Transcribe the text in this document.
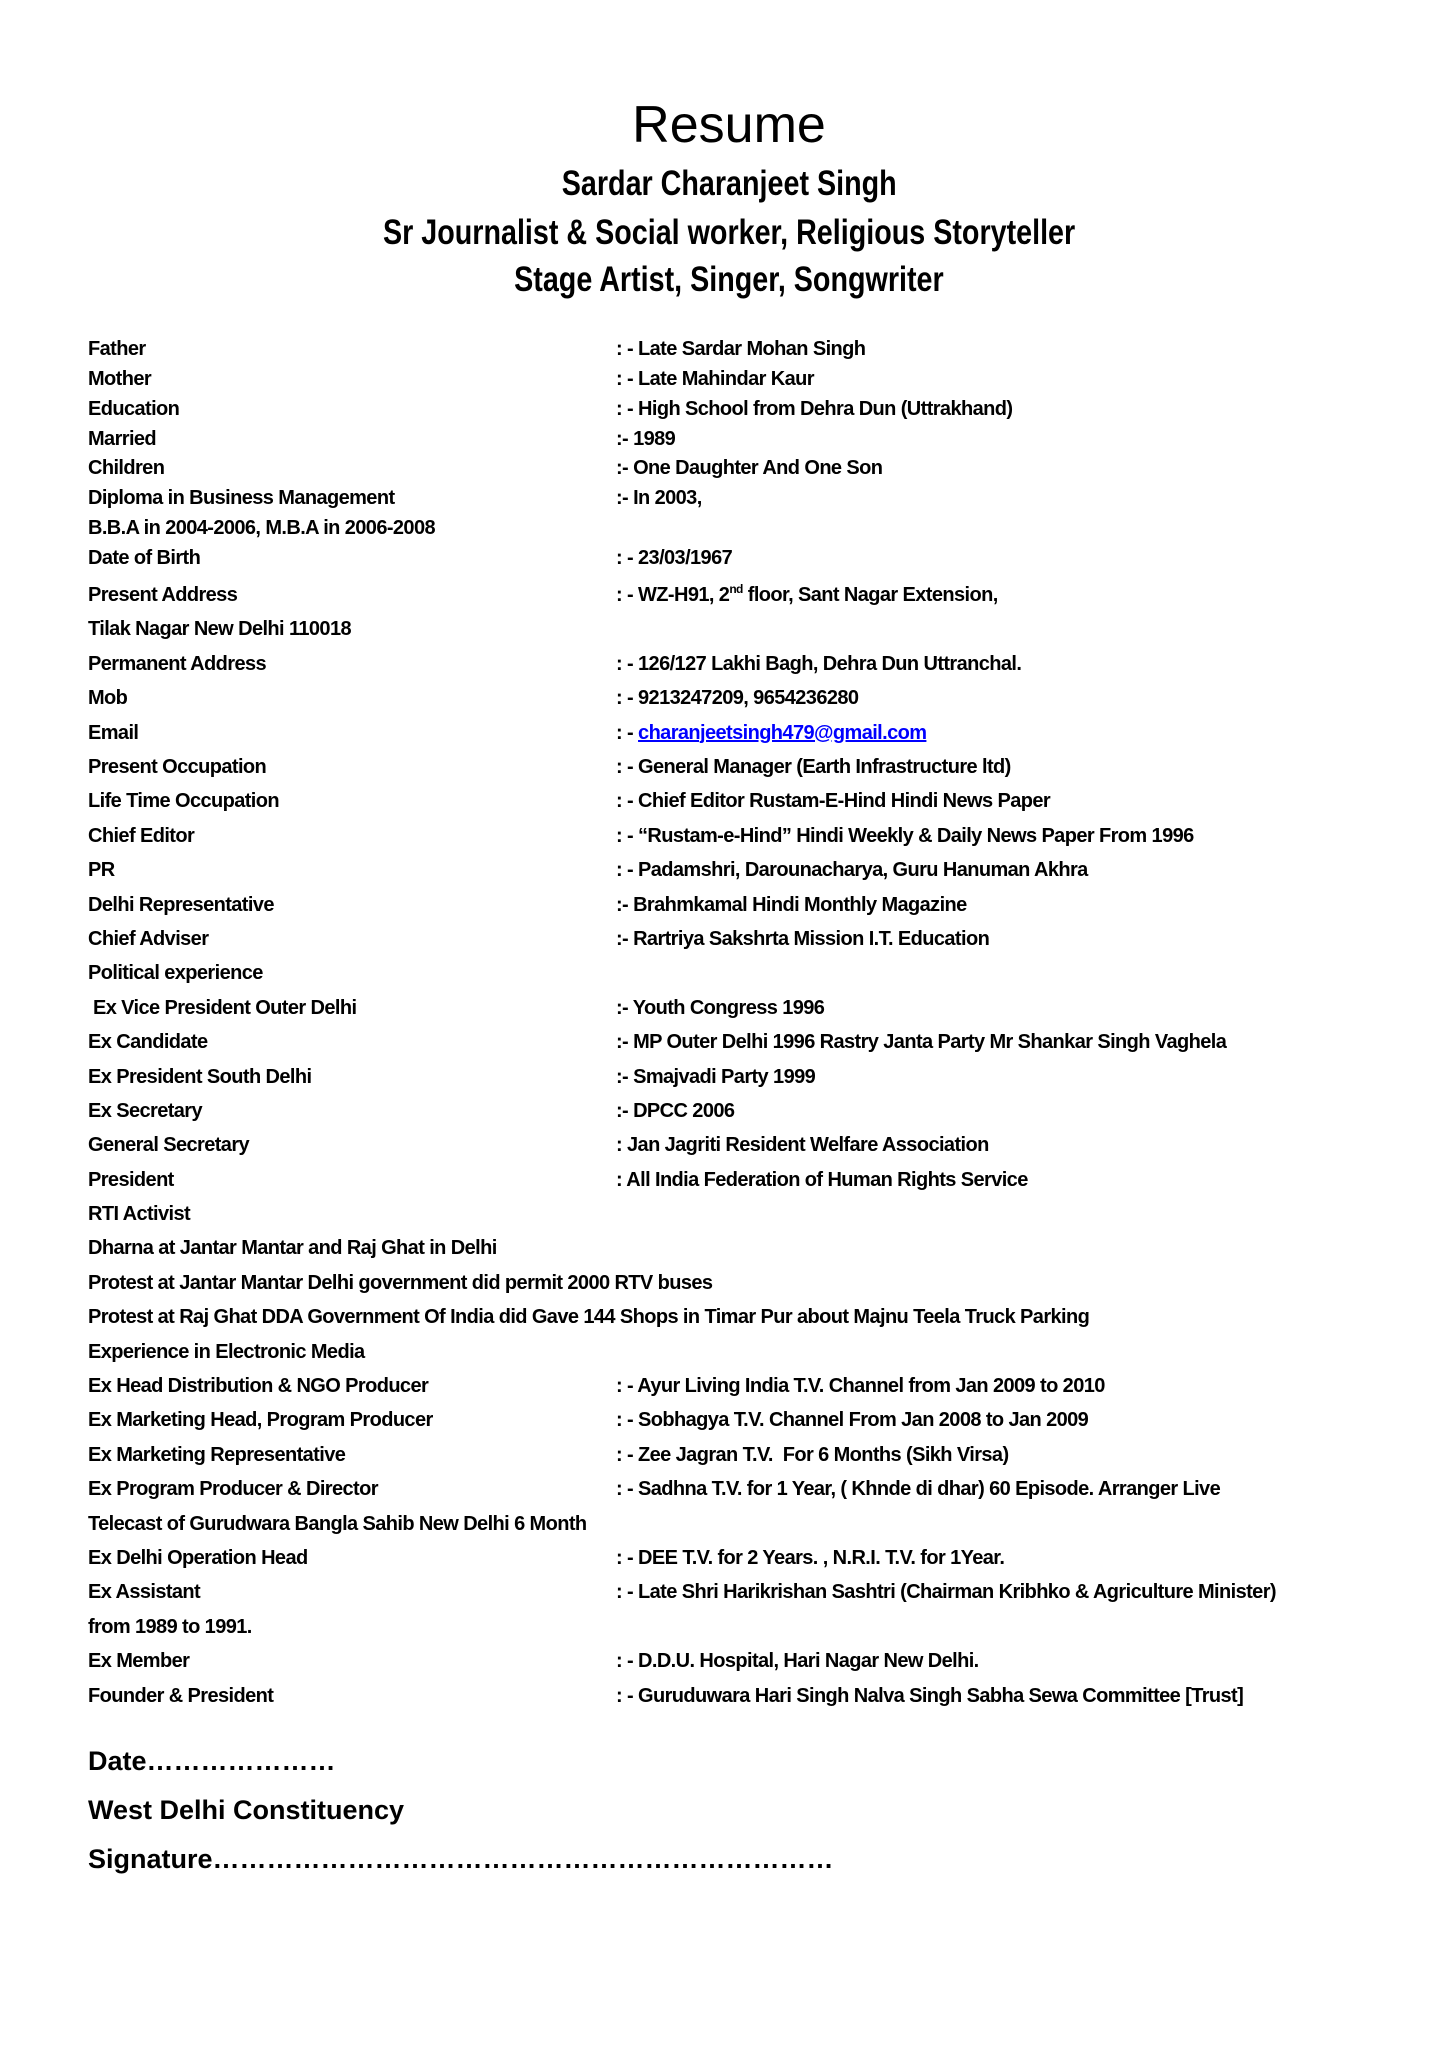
Resume
Sardar Charanjeet Singh
Sr Journalist & Social worker, Religious Storyteller
Stage Artist, Singer, Songwriter
Father	: - Late Sardar Mohan Singh
Mother	: - Late Mahindar Kaur
Education	: - High School from Dehra Dun (Uttrakhand)
Married	:- 1989
Children	:- One Daughter And One Son
Diploma in Business Management	:- In 2003,
B.B.A in 2004-2006, M.B.A in 2006-2008
Date of Birth	: - 23/03/1967
Present Address	: - WZ-H91, 2nd floor, Sant Nagar Extension,
Tilak Nagar New Delhi 110018
Permanent Address	: - 126/127 Lakhi Bagh, Dehra Dun Uttranchal.
Mob	: - 9213247209, 9654236280
Email	: - charanjeetsingh479@gmail.com
Present Occupation	: - General Manager (Earth Infrastructure ltd)
Life Time Occupation	: - Chief Editor Rustam-E-Hind Hindi News Paper
Chief Editor	: - “Rustam-e-Hind” Hindi Weekly & Daily News Paper From 1996
PR	: - Padamshri, Darounacharya, Guru Hanuman Akhra
Delhi Representative	:- Brahmkamal Hindi Monthly Magazine
Chief Adviser	:- Rartriya Sakshrta Mission I.T. Education
Political experience
Ex Vice President Outer Delhi	:- Youth Congress 1996
Ex Candidate	:- MP Outer Delhi 1996 Rastry Janta Party Mr Shankar Singh Vaghela
Ex President South Delhi	:- Smajvadi Party 1999
Ex Secretary	:- DPCC 2006
General Secretary	: Jan Jagriti Resident Welfare Association
President	: All India Federation of Human Rights Service
RTI Activist
Dharna at Jantar Mantar and Raj Ghat in Delhi
Protest at Jantar Mantar Delhi government did permit 2000 RTV buses
Protest at Raj Ghat DDA Government Of India did Gave 144 Shops in Timar Pur about Majnu Teela Truck Parking
Experience in Electronic Media
Ex Head Distribution & NGO Producer	: - Ayur Living India T.V. Channel from Jan 2009 to 2010
Ex Marketing Head, Program Producer	: - Sobhagya T.V. Channel From Jan 2008 to Jan 2009
Ex Marketing Representative	: - Zee Jagran T.V.  For 6 Months (Sikh Virsa)
Ex Program Producer & Director	: - Sadhna T.V. for 1 Year, ( Khnde di dhar) 60 Episode. Arranger Live
Telecast of Gurudwara Bangla Sahib New Delhi 6 Month
Ex Delhi Operation Head	: - DEE T.V. for 2 Years. , N.R.I. T.V. for 1Year.
Ex Assistant	: - Late Shri Harikrishan Sashtri (Chairman Kribhko & Agriculture Minister)
from 1989 to 1991.
Ex Member	: - D.D.U. Hospital, Hari Nagar New Delhi.
Founder & President	: - Guruduwara Hari Singh Nalva Singh Sabha Sewa Committee [Trust]
Date…………………
West Delhi Constituency
Signature……………………………………………………………
